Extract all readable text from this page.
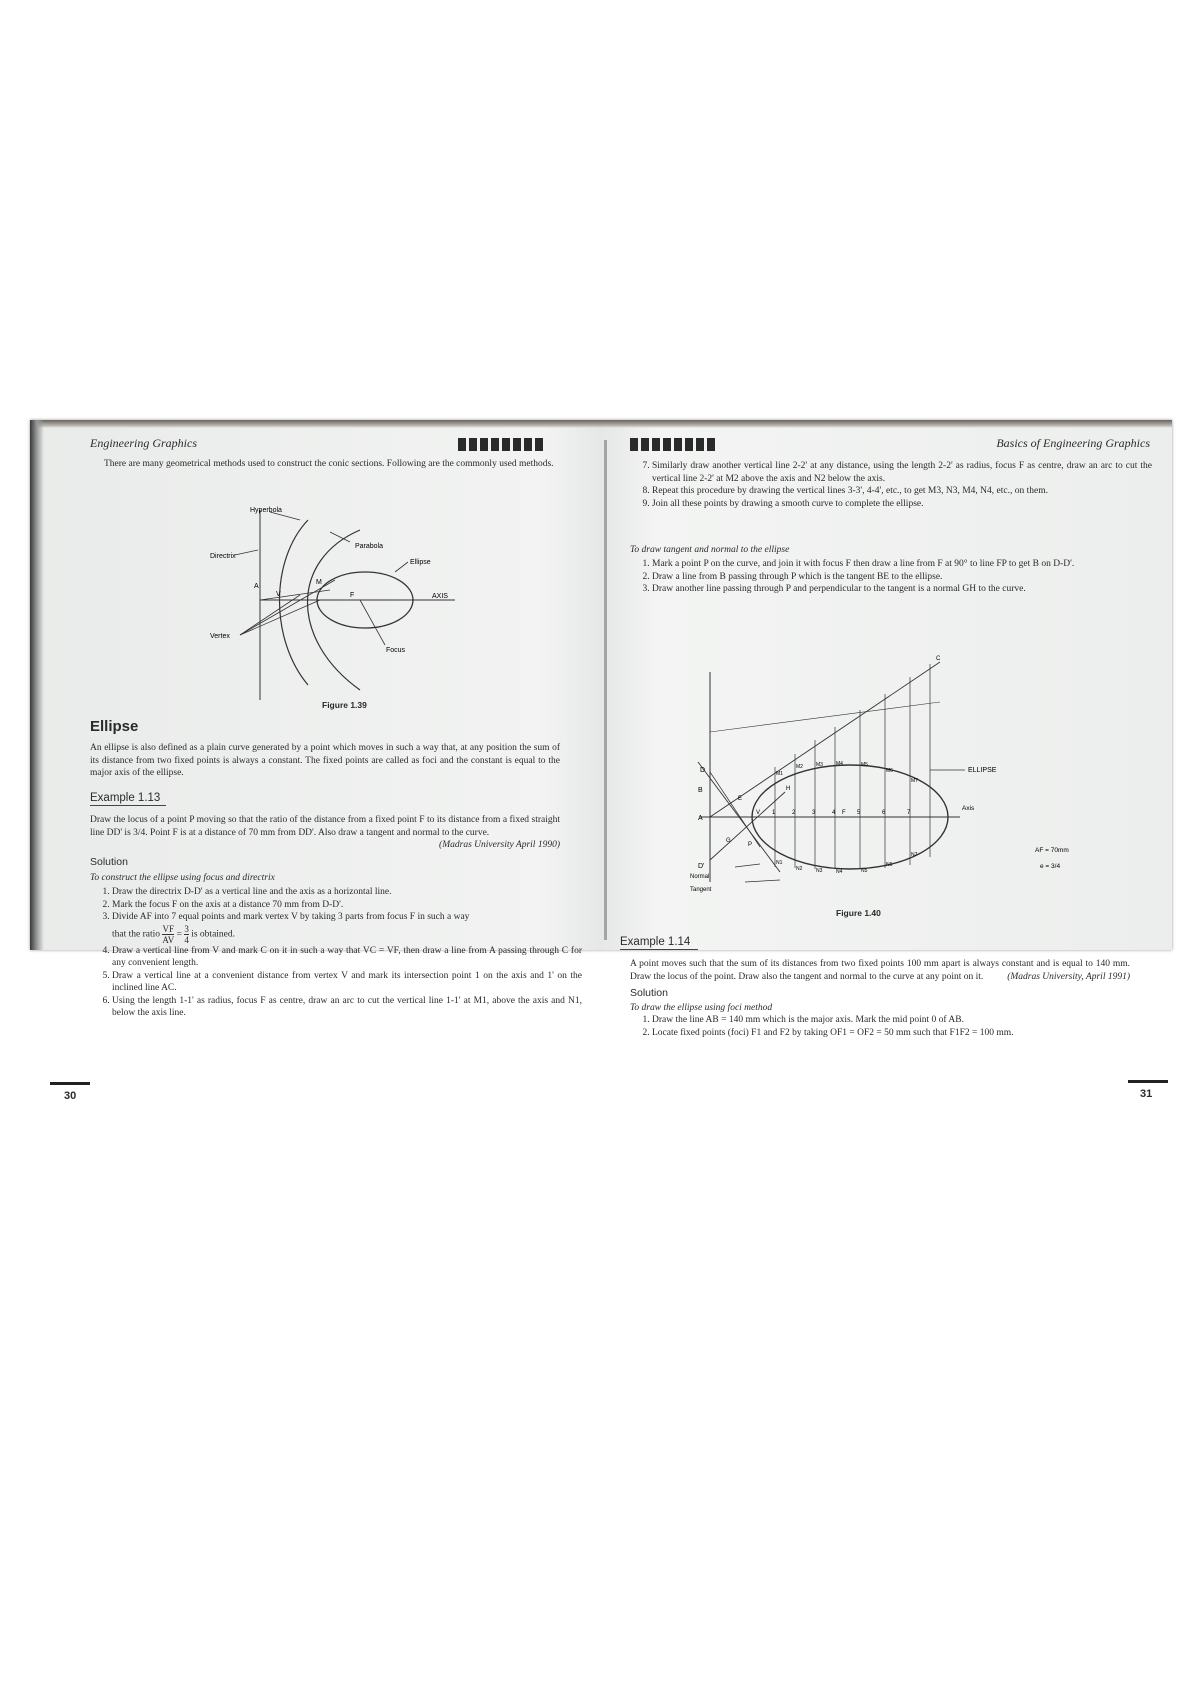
Engineering Graphics

There are many geometrical methods used to construct the conic sections. Following are the commonly used methods.

Hyperbola
Parabola
Directrix
Ellipse
A
V
M
F	AXIS
Vertex
Focus
Figure 1.39
Ellipse

An ellipse is also defined as a plain curve generated by a point which moves in such a way that, at any position the sum of its distance from two fixed points is always a constant. The fixed points are called as foci and the constant is equal to the major axis of the ellipse.

Example 1.13

Draw the locus of a point P moving so that the ratio of the distance from a fixed point F to its distance from a fixed straight line DD' is 3/4. Point F is at a distance of 70 mm from DD'. Also draw a tangent and normal to the curve.
(Madras University April 1990)

Solution
To construct the ellipse using focus and directrix
1. Draw the directrix D-D' as a vertical line and the axis as a horizontal line.
2. Mark the focus F on the axis at a distance 70 mm from D-D'.
3. Divide AF into 7 equal points and mark vertex V by taking 3 parts from focus F in such a way
that the ratio $\frac{VF}{AV} = \frac{3}{4}$ is obtained.
4. Draw a vertical line from V and mark C on it in such a way that VC = VF, then draw a line from A passing through C for any convenient length.
5. Draw a vertical line at a convenient distance from vertex V and mark its intersection point 1 on the axis and 1' on the inclined line AC.
6. Using the length 1-1' as radius, focus F as centre, draw an arc to cut the vertical line 1-1' at M1, above the axis and N1, below the axis line.
30
Basics of Engineering Graphics
7. Similarly draw another vertical line 2-2' at any distance, using the length 2-2' as radius, focus F as centre, draw an arc to cut the vertical line 2-2' at M2 above the axis and N2 below the axis.
8. Repeat this procedure by drawing the vertical lines 3-3', 4-4', etc., to get M3, N3, M4, N4, etc., on them.
9. Join all these points by drawing a smooth curve to complete the ellipse.
To draw tangent and normal to the ellipse
1. Mark a point P on the curve, and join it with focus F then draw a line from F at 90° to line FP to get B on D-D'.
2. Draw a line from B passing through P which is the tangent BE to the ellipse.
3. Draw another line passing through P and perpendicular to the tangent is a normal GH to the curve.
D
B
A
D'
ELLIPSE
Axis
Normal
Tangent
AF = 70mm
e = 3/4
V	F
1	2	3	4	5	6	7
M1
M2	M3	M4	M5
M6
M7
N1
N2	N3	N4	N5
N6
N7
P
G
H
E
C
Figure 1.40
Example 1.14

A point moves such that the sum of its distances from two fixed points 100 mm apart is always constant and is equal to 140 mm. Draw the locus of the point. Draw also the tangent and normal to the curve at any point on it.	(Madras University, April 1991)

Solution
To draw the ellipse using foci method
1. Draw the line AB = 140 mm which is the major axis. Mark the mid point 0 of AB.
2. Locate fixed points (foci) F1 and F2 by taking OF1 = OF2 = 50 mm such that F1F2 = 100 mm.
31
